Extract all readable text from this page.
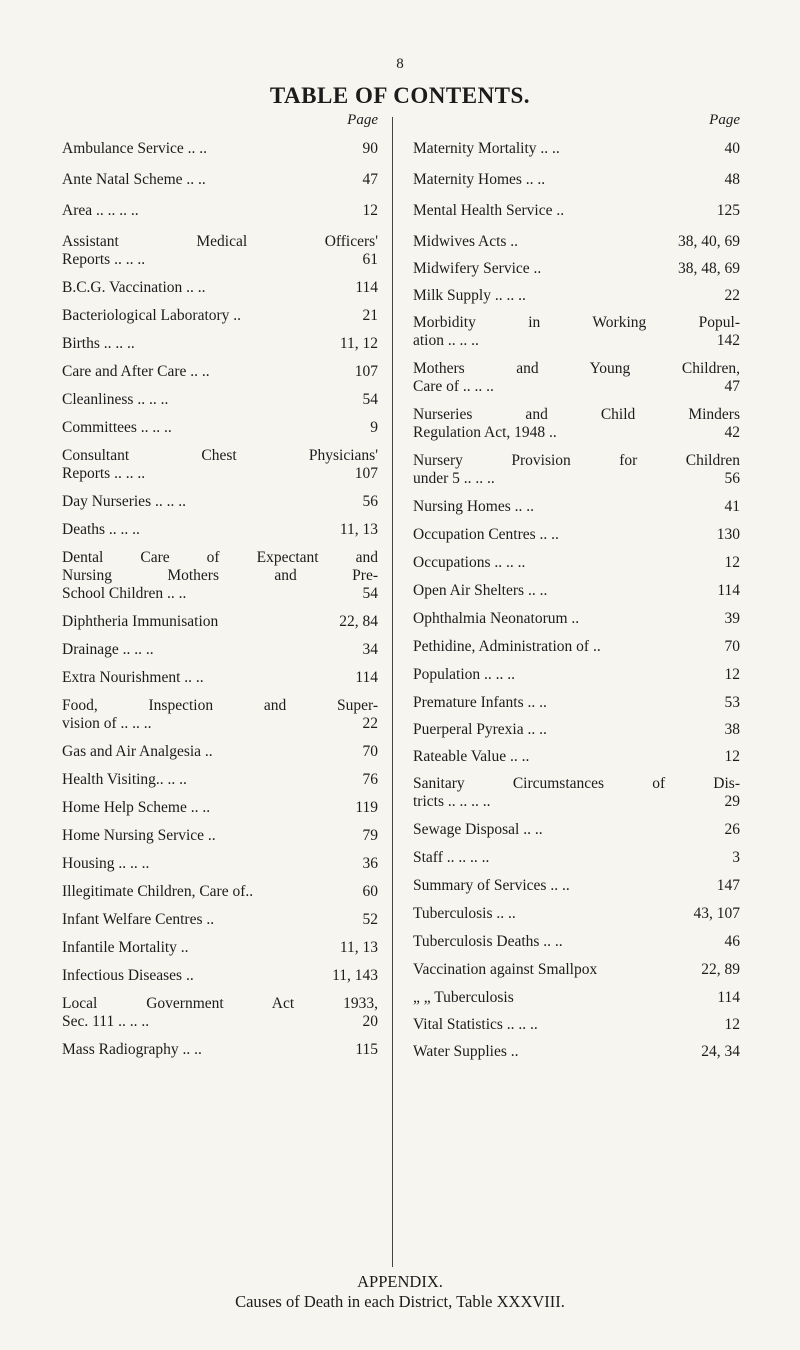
8
TABLE OF CONTENTS.
Page
Ambulance Service .. ..	90
Ante Natal Scheme .. ..	47
Area .. .. .. ..	12
Assistant Medical Officers'
Reports .. .. ..	61
B.C.G. Vaccination .. ..	114
Bacteriological Laboratory ..	21
Births .. .. ..	11, 12
Care and After Care .. ..	107
Cleanliness .. .. ..	54
Committees .. .. ..	9
Consultant Chest Physicians'
Reports .. .. ..	107
Day Nurseries .. .. ..	56
Deaths .. .. ..	11, 13
Dental Care of Expectant and
Nursing Mothers and Pre-
School Children .. ..	54
Diphtheria Immunisation	22, 84
Drainage .. .. ..	34
Extra Nourishment .. ..	114
Food, Inspection and Super-
vision of .. .. ..	22
Gas and Air Analgesia ..	70
Health Visiting.. .. ..	76
Home Help Scheme .. ..	119
Home Nursing Service ..	79
Housing .. .. ..	36
Illegitimate Children, Care of..	60
Infant Welfare Centres ..	52
Infantile Mortality ..	11, 13
Infectious Diseases ..	11, 143
Local Government Act 1933,
Sec. 111 .. .. ..	20
Mass Radiography .. ..	115
Page
Maternity Mortality .. ..	40
Maternity Homes .. ..	48
Mental Health Service ..	125
Midwives Acts ..	38, 40, 69
Midwifery Service ..	38, 48, 69
Milk Supply .. .. ..	22
Morbidity in Working Popul-
ation .. .. ..	142
Mothers and Young Children,
Care of .. .. ..	47
Nurseries and Child Minders
Regulation Act, 1948 ..	42
Nursery Provision for Children
under 5 .. .. ..	56
Nursing Homes .. ..	41
Occupation Centres .. ..	130
Occupations .. .. ..	12
Open Air Shelters .. ..	114
Ophthalmia Neonatorum ..	39
Pethidine, Administration of ..	70
Population .. .. ..	12
Premature Infants .. ..	53
Puerperal Pyrexia .. ..	38
Rateable Value .. ..	12
Sanitary Circumstances of Dis-
tricts .. .. .. ..	29
Sewage Disposal .. ..	26
Staff .. .. .. ..	3
Summary of Services .. ..	147
Tuberculosis .. ..	43, 107
Tuberculosis Deaths .. ..	46
Vaccination against Smallpox	22, 89
„ „ Tuberculosis	114
Vital Statistics .. .. ..	12
Water Supplies ..	24, 34
APPENDIX.
Causes of Death in each District, Table XXXVIII.
